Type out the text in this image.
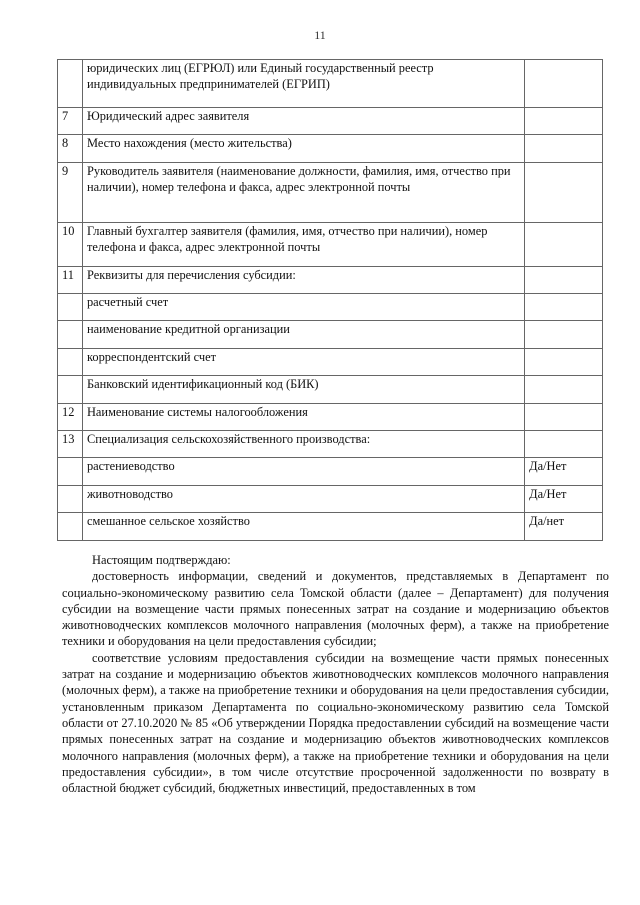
11
	юридических лиц (ЕГРЮЛ) или Единый государственный реестр индивидуальных предпринимателей (ЕГРИП)	
7	Юридический адрес заявителя	
8	Место нахождения (место жительства)	
9	Руководитель заявителя (наименование должности, фамилия, имя, отчество при наличии), номер телефона и факса, адрес электронной почты	
10	Главный бухгалтер заявителя (фамилия, имя, отчество при наличии), номер телефона и факса, адрес электронной почты	
11	Реквизиты для перечисления субсидии:	
	расчетный счет	
	наименование кредитной организации	
	корреспондентский счет	
	Банковский идентификационный код (БИК)	
12	Наименование системы налогообложения	
13	Специализация сельскохозяйственного производства:	
	растениеводство	Да/Нет
	животноводство	Да/Нет
	смешанное сельское хозяйство	Да/нет

Настоящим подтверждаю:

достоверность информации, сведений и документов, представляемых в Департамент по социально-экономическому развитию села Томской области (далее – Департамент) для получения субсидии на возмещение части прямых понесенных затрат на создание и модернизацию объектов животноводческих комплексов молочного направления (молочных ферм), а также на приобретение техники и оборудования на цели предоставления субсидии;

соответствие условиям предоставления субсидии на возмещение части прямых понесенных затрат на создание и модернизацию объектов животноводческих комплексов молочного направления (молочных ферм), а также на приобретение техники и оборудования на цели предоставления субсидии, установленным приказом Департамента по социально-экономическому развитию села Томской области от 27.10.2020 № 85 «Об утверждении Порядка предоставлении субсидий на возмещение части прямых понесенных затрат на создание и модернизацию объектов животноводческих комплексов молочного направления (молочных ферм), а также на приобретение техники и оборудования на цели предоставления субсидии», в том числе отсутствие просроченной задолженности по возврату в областной бюджет субсидий, бюджетных инвестиций, предоставленных в том
